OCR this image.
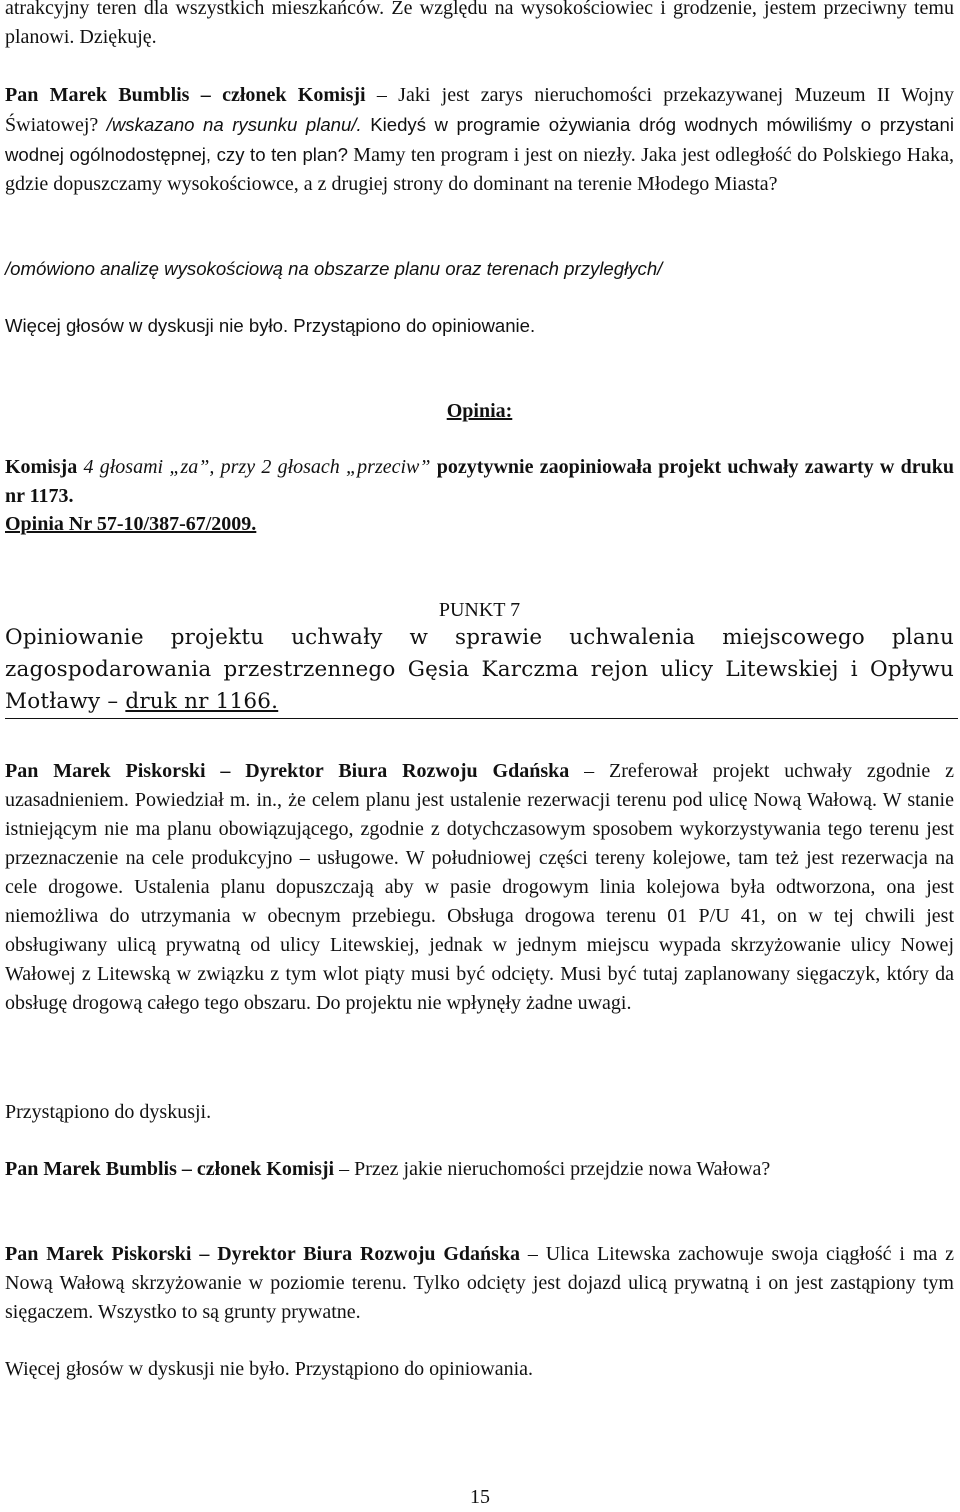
atrakcyjny teren dla wszystkich mieszkańców. Ze względu na wysokościowiec i grodzenie, jestem przeciwny temu planowi. Dziękuję.

Pan Marek Bumblis – członek Komisji – Jaki jest zarys nieruchomości przekazywanej Muzeum II Wojny Światowej? /wskazano na rysunku planu/. Kiedyś w programie ożywiania dróg wodnych mówiliśmy o przystani wodnej ogólnodostępnej, czy to ten plan? Mamy ten program i jest on niezły. Jaka jest odległość do Polskiego Haka, gdzie dopuszczamy wysokościowce, a z drugiej strony do dominant na terenie Młodego Miasta?

/omówiono analizę wysokościową na obszarze planu oraz terenach przyległych/

Więcej głosów w dyskusji nie było. Przystąpiono do opiniowanie.

Opinia:

Komisja 4 głosami „za”, przy 2 głosach „przeciw” pozytywnie zaopiniowała projekt uchwały zawarty w druku nr 1173.

Opinia Nr 57-10/387-67/2009.

PUNKT 7

Opiniowanie projektu uchwały w sprawie uchwalenia miejscowego planu zagospodarowania przestrzennego Gęsia Karczma rejon ulicy Litewskiej i Opływu Motławy – druk nr 1166.

Pan Marek Piskorski – Dyrektor Biura Rozwoju Gdańska – Zreferował projekt uchwały zgodnie z uzasadnieniem. Powiedział m. in., że celem planu jest ustalenie rezerwacji terenu pod ulicę Nową Wałową. W stanie istniejącym nie ma planu obowiązującego, zgodnie z dotychczasowym sposobem wykorzystywania tego terenu jest przeznaczenie na cele produkcyjno – usługowe. W południowej części tereny kolejowe, tam też jest rezerwacja na cele drogowe. Ustalenia planu dopuszczają aby w pasie drogowym linia kolejowa była odtworzona, ona jest niemożliwa do utrzymania w obecnym przebiegu. Obsługa drogowa terenu 01 P/U 41, on w tej chwili jest obsługiwany ulicą prywatną od ulicy Litewskiej, jednak w jednym miejscu wypada skrzyżowanie ulicy Nowej Wałowej z Litewską w związku z tym wlot piąty musi być odcięty. Musi być tutaj zaplanowany sięgaczyk, który da obsługę drogową całego tego obszaru. Do projektu nie wpłynęły żadne uwagi.

Przystąpiono do dyskusji.

Pan Marek Bumblis – członek Komisji – Przez jakie nieruchomości przejdzie nowa Wałowa?

Pan Marek Piskorski – Dyrektor Biura Rozwoju Gdańska – Ulica Litewska zachowuje swoja ciągłość i ma z Nową Wałową skrzyżowanie w poziomie terenu. Tylko odcięty jest dojazd ulicą prywatną i on jest zastąpiony tym sięgaczem. Wszystko to są grunty prywatne.

Więcej głosów w dyskusji nie było. Przystąpiono do opiniowania.

15
